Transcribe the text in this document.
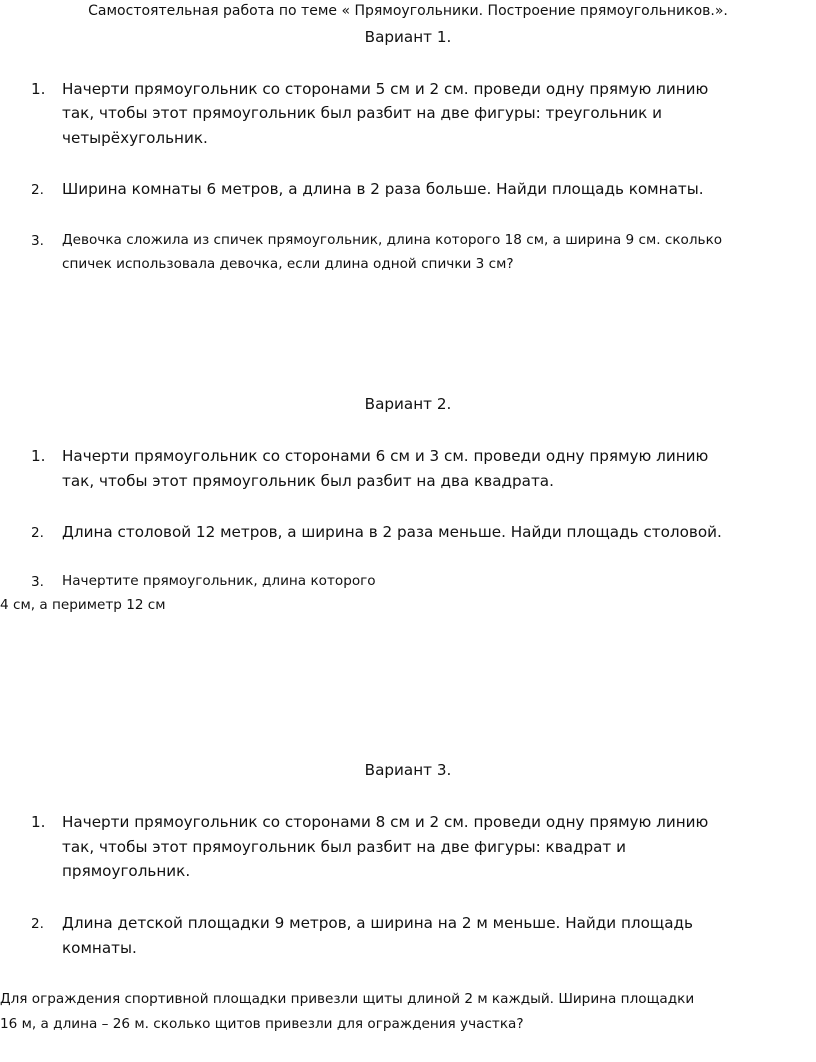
Самостоятельная работа по теме « Прямоугольники. Построение прямоугольников.».

Вариант 1.

1. Начерти прямоугольник со сторонами 5 см и 2 см. проведи одну прямую линию

так, чтобы этот прямоугольник был разбит на две фигуры: треугольник и

четырёхугольник.

2. Ширина комнаты 6 метров, а длина в 2 раза больше. Найди площадь комнаты.

3. Девочка сложила из спичек прямоугольник, длина которого 18 см, а ширина 9 см. сколько

спичек использовала девочка, если длина одной спички 3 см?

Вариант 2.

1. Начерти прямоугольник со сторонами 6 см и 3 см. проведи одну прямую линию

так, чтобы этот прямоугольник был разбит на два квадрата.

2. Длина столовой 12 метров, а ширина в 2 раза меньше. Найди площадь столовой.

3. Начертите прямоугольник, длина которого

4 см, а периметр 12 см

Вариант 3.

1. Начерти прямоугольник со сторонами 8 см и 2 см. проведи одну прямую линию

так, чтобы этот прямоугольник был разбит на две фигуры: квадрат и

прямоугольник.

2. Длина детской площадки 9 метров, а ширина на 2 м меньше. Найди площадь

комнаты.

Для ограждения спортивной площадки привезли щиты длиной 2 м каждый. Ширина площадки

16 м, а длина – 26 м. сколько щитов привезли для ограждения участка?
